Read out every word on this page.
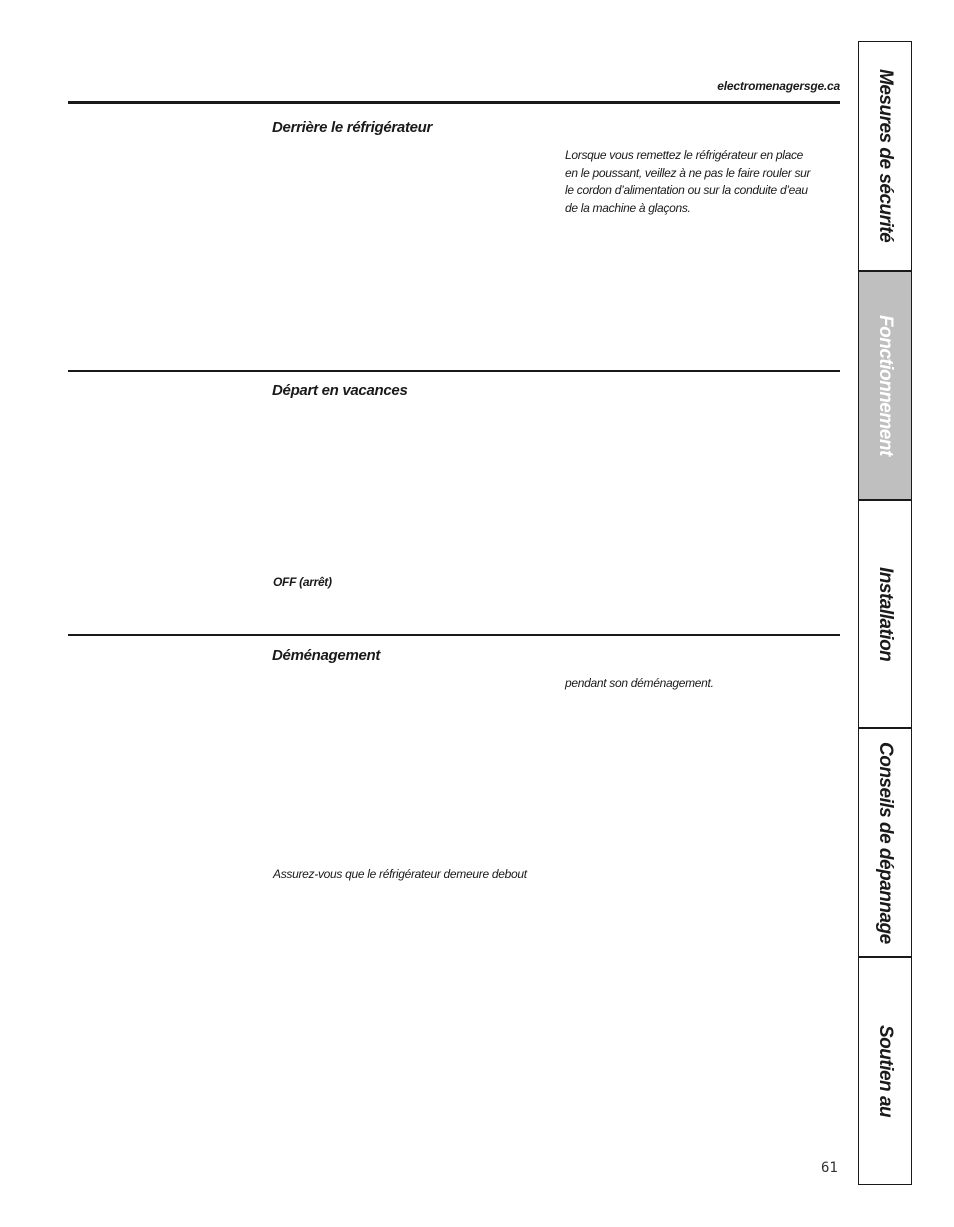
electromenagersge.ca
Derrière le réfrigérateur
Lorsque vous remettez le réfrigérateur en place
en le poussant, veillez à ne pas le faire rouler sur
le cordon d’alimentation ou sur la conduite d’eau
de la machine à glaçons.
Départ en vacances
OFF (arrêt)
Déménagement
pendant son déménagement.
Assurez-vous que le réfrigérateur demeure debout
61
Mesures de sécurité
Fonctionnement
Installation
Conseils de dépannage
Soutien au
